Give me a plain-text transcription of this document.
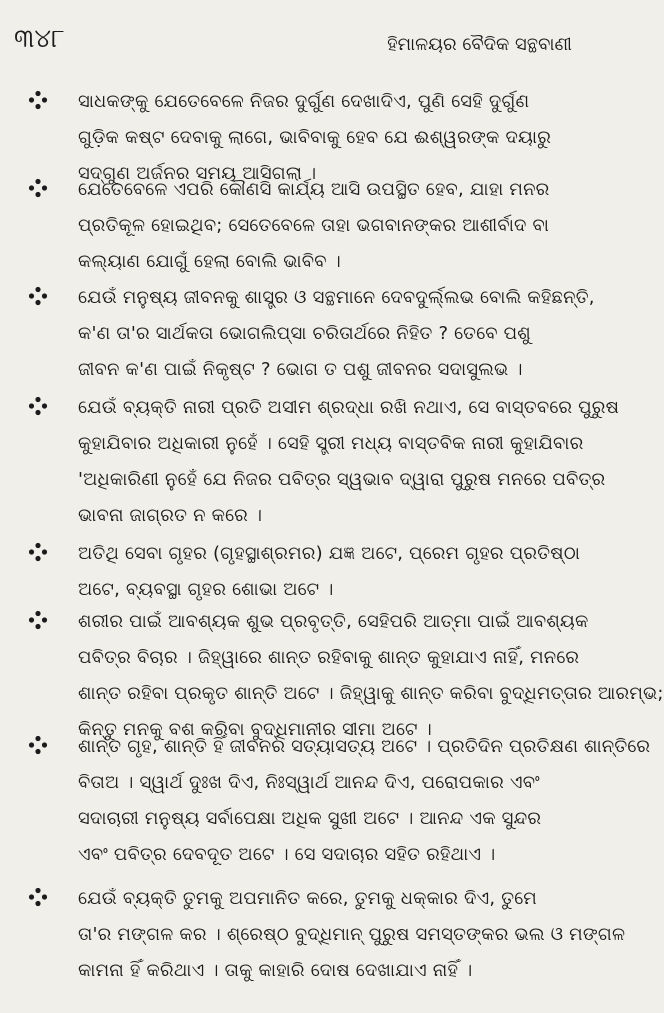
୩୪୮	ହିମାଳୟର ବୈଦିକ ସନ୍ଥବାଣୀ
ସାଧକଙ୍କୁ ଯେତେବେଳେ ନିଜର ଦୁର୍ଗୁଣ ଦେଖାଦିଏ, ପୁଣି ସେହି ଦୁର୍ଗୁଣ
ଗୁଡ଼ିକ କଷ୍ଟ ଦେବାକୁ ଲାଗେ, ଭାବିବାକୁ ହେବ ଯେ ଈଶ୍ୱରଙ୍କ ଦୟାରୁ
ସଦ୍‌ଗୁଣ ଅର୍ଜନର ସମୟ ଆସିଗଲା ।
ଯେତେବେଳେ ଏପରି କୌଣସି କାର୍ଯ୍ୟ ଆସି ଉପସ୍ଥିତ ହେବ, ଯାହା ମନର
ପ୍ରତିକୂଳ ହୋଇଥିବ; ସେତେବେଳେ ତାହା ଭଗବାନଙ୍କର ଆଶୀର୍ବାଦ ବା
କଲ୍ୟାଣ ଯୋଗୁଁ ହେଲା ବୋଲି ଭାବିବ ।
ଯେଉଁ ମନୁଷ୍ୟ ଜୀବନକୁ ଶାସ୍ତ୍ର ଓ ସନ୍ଥମାନେ ଦେବଦୁର୍ଲ୍ଲଭ ବୋଲି କହିଛନ୍ତି,
କ'ଣ ତା'ର ସାର୍ଥକତା ଭୋଗଲିପ୍ସା ଚରିତାର୍ଥରେ ନିହିତ ? ତେବେ ପଶୁ
ଜୀବନ କ'ଣ ପାଇଁ ନିକୃଷ୍ଟ ? ଭୋଗ ତ ପଶୁ ଜୀବନର ସଦାସୁଲଭ ।
ଯେଉଁ ବ୍ୟକ୍ତି ନାରୀ ପ୍ରତି ଅସୀମ ଶ୍ରଦ୍ଧା ରଖି ନଥାଏ, ସେ ବାସ୍ତବରେ ପୁରୁଷ
କୁହାଯିବାର ଅଧିକାରୀ ନୁହେଁ । ସେହି ସ୍ତ୍ରୀ ମଧ୍ୟ ବାସ୍ତବିକ ନାରୀ କୁହାଯିବାର
'ଅଧିକାରିଣୀ ନୁହେଁ ଯେ ନିଜର ପବିତ୍ର ସ୍ୱଭାବ ଦ୍ୱାରା ପୁରୁଷ ମନରେ ପବିତ୍ର
ଭାବନା ଜାଗ୍ରତ ନ କରେ ।
ଅତିଥି ସେବା ଗୃହର (ଗୃହସ୍ଥାଶ୍ରମର) ଯଜ୍ଞ ଅଟେ, ପ୍ରେମ ଗୃହର ପ୍ରତିଷ୍ଠା
ଅଟେ, ବ୍ୟବସ୍ଥା ଗୃହର ଶୋଭା ଅଟେ ।
ଶରୀର ପାଇଁ ଆବଶ୍ୟକ ଶୁଭ ପ୍ରବୃତ୍ତି, ସେହିପରି ଆତ୍ମା ପାଇଁ ଆବଶ୍ୟକ
ପବିତ୍ର ବିଚାର । ଜିହ୍ୱାରେ ଶାନ୍ତ ରହିବାକୁ ଶାନ୍ତ କୁହାଯାଏ ନାହିଁ, ମନରେ
ଶାନ୍ତ ରହିବା ପ୍ରକୃତ ଶାନ୍ତି ଅଟେ । ଜିହ୍ୱାକୁ ଶାନ୍ତ କରିବା ବୁଦ୍ଧିମତ୍ତାର ଆରମ୍ଭ;
କିନ୍ତୁ ମନକୁ ବଶ କରିବା ବୁଦ୍ଧିମାନୀର ସୀମା ଅଟେ ।
ଶାନ୍ତ ଗୃହ, ଶାନ୍ତି ହିଁ ଜୀବନର ସତ୍ୟାସତ୍ୟ ଅଟେ । ପ୍ରତିଦିନ ପ୍ରତିକ୍ଷଣ ଶାନ୍ତିରେ
ବିତାଅ । ସ୍ୱାର୍ଥ ଦୁଃଖ ଦିଏ, ନିଃସ୍ୱାର୍ଥ ଆନନ୍ଦ ଦିଏ, ପରୋପକାର ଏବଂ
ସଦାଚାରୀ ମନୁଷ୍ୟ ସର୍ବାପେକ୍ଷା ଅଧିକ ସୁଖୀ ଅଟେ । ଆନନ୍ଦ ଏକ ସୁନ୍ଦର
ଏବଂ ପବିତ୍ର ଦେବଦୂତ ଅଟେ । ସେ ସଦାଚାର ସହିତ ରହିଥାଏ ।
ଯେଉଁ ବ୍ୟକ୍ତି ତୁମକୁ ଅପମାନିତ କରେ, ତୁମକୁ ଧକ୍କାର ଦିଏ, ତୁମେ
ତା'ର ମଙ୍ଗଳ କର । ଶ୍ରେଷ୍ଠ ବୁଦ୍ଧିମାନ୍ ପୁରୁଷ ସମସ୍ତଙ୍କର ଭଲ ଓ ମଙ୍ଗଳ
କାମନା ହିଁ କରିଥାଏ । ତାକୁ କାହାରି ଦୋଷ ଦେଖାଯାଏ ନାହିଁ ।
